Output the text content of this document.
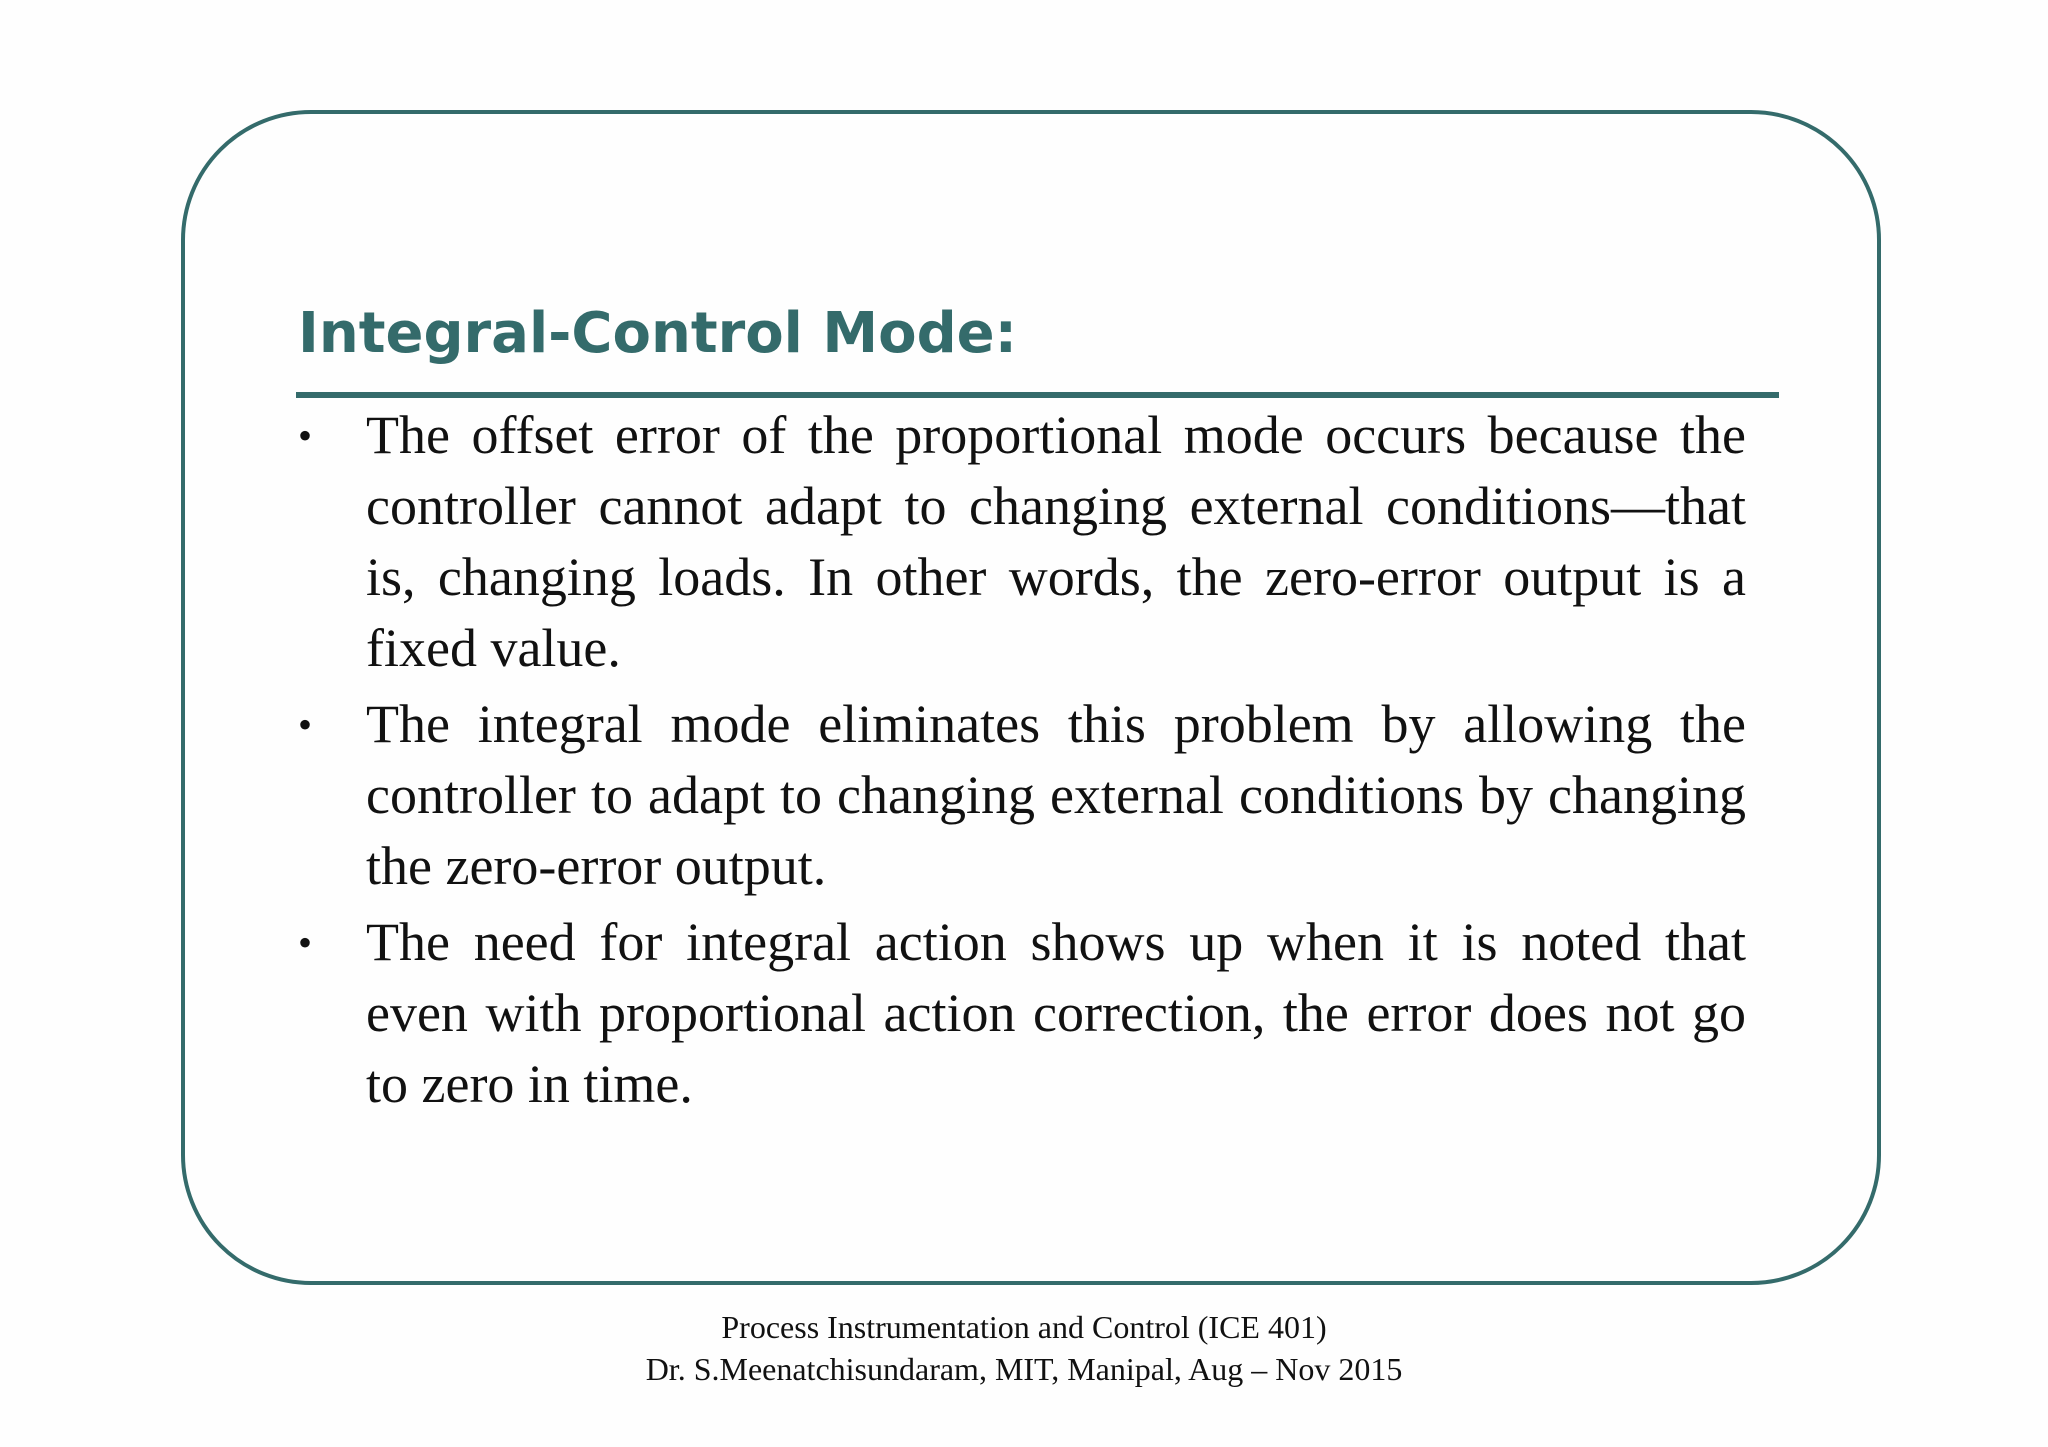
Integral-Control Mode:
• The offset error of the proportional mode occurs because the controller cannot adapt to changing external conditions—that is, changing loads. In other words, the zero-error output is a fixed value.
• The integral mode eliminates this problem by allowing the controller to adapt to changing external conditions by changing the zero-error output.
• The need for integral action shows up when it is noted that even with proportional action correction, the error does not go to zero in time.
Process Instrumentation and Control (ICE 401)
Dr. S.Meenatchisundaram, MIT, Manipal, Aug – Nov 2015
